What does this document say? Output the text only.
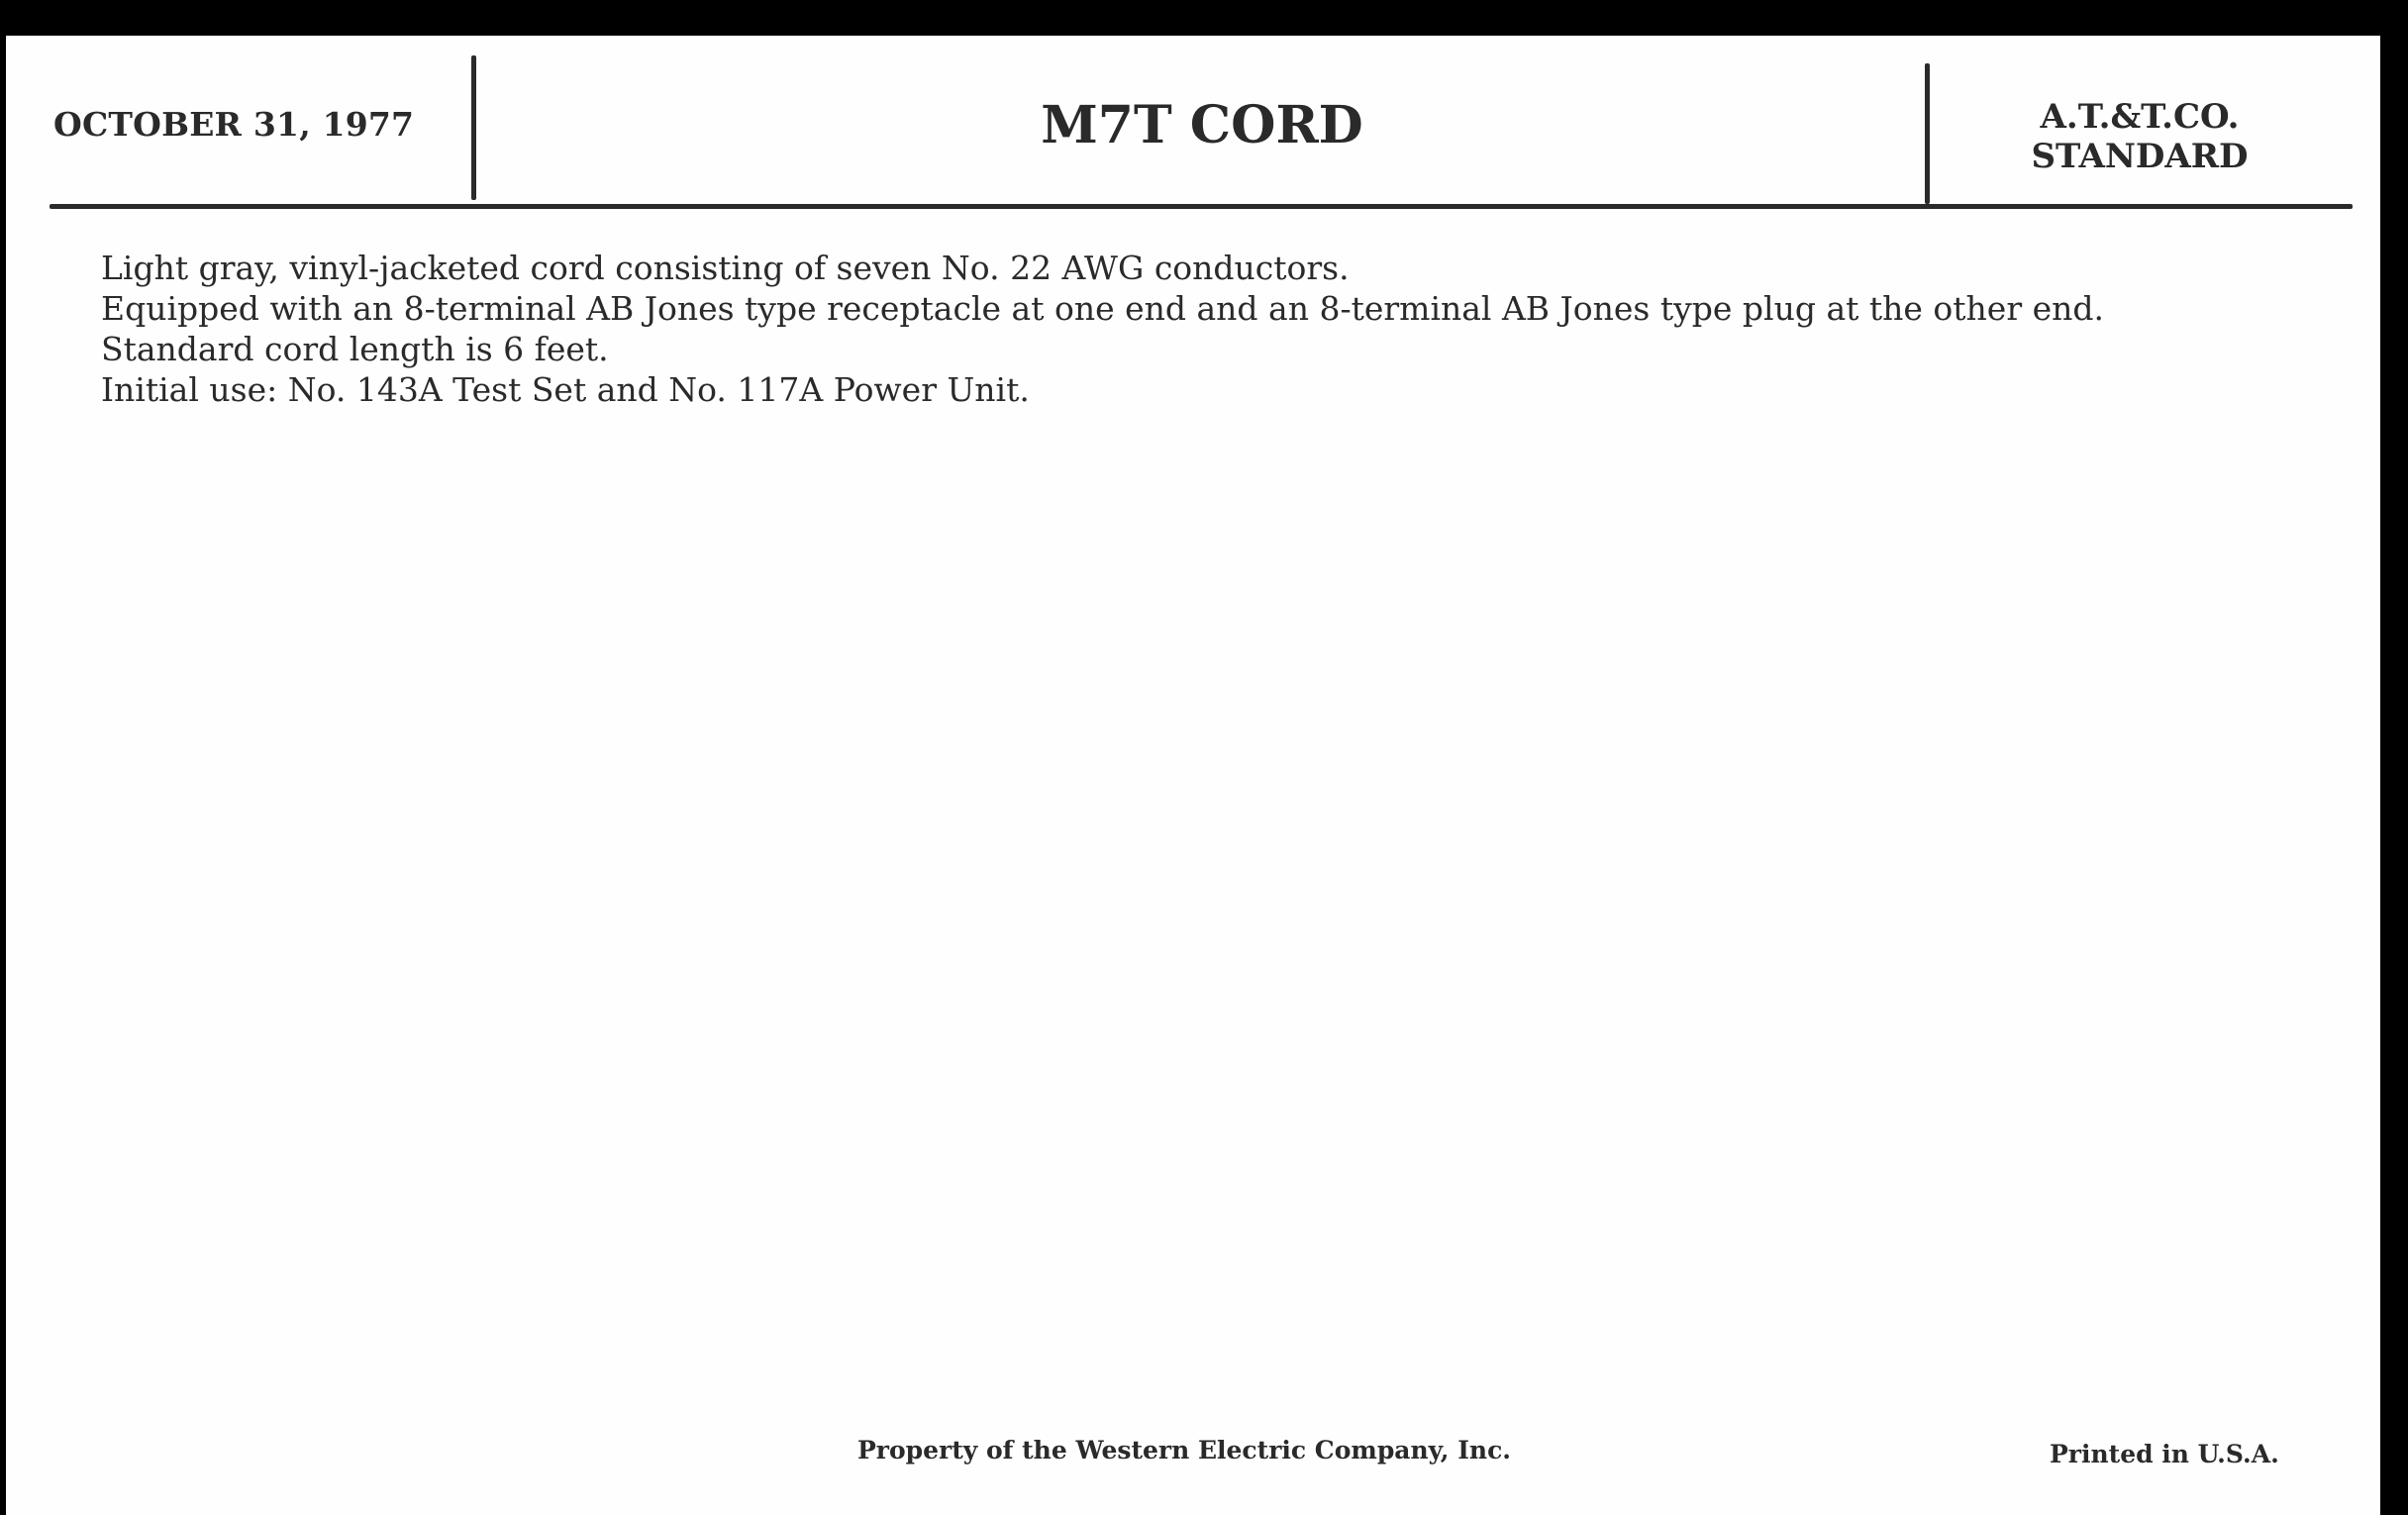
OCTOBER 31, 1977	M7T CORD	A.T.&T.CO.
STANDARD
Light gray, vinyl-jacketed cord consisting of seven No. 22 AWG conductors.
Equipped with an 8-terminal AB Jones type receptacle at one end and an 8-terminal AB Jones type plug at the other end.
Standard cord length is 6 feet.
Initial use: No. 143A Test Set and No. 117A Power Unit.
Property of the Western Electric Company, Inc.	Printed in U.S.A.
